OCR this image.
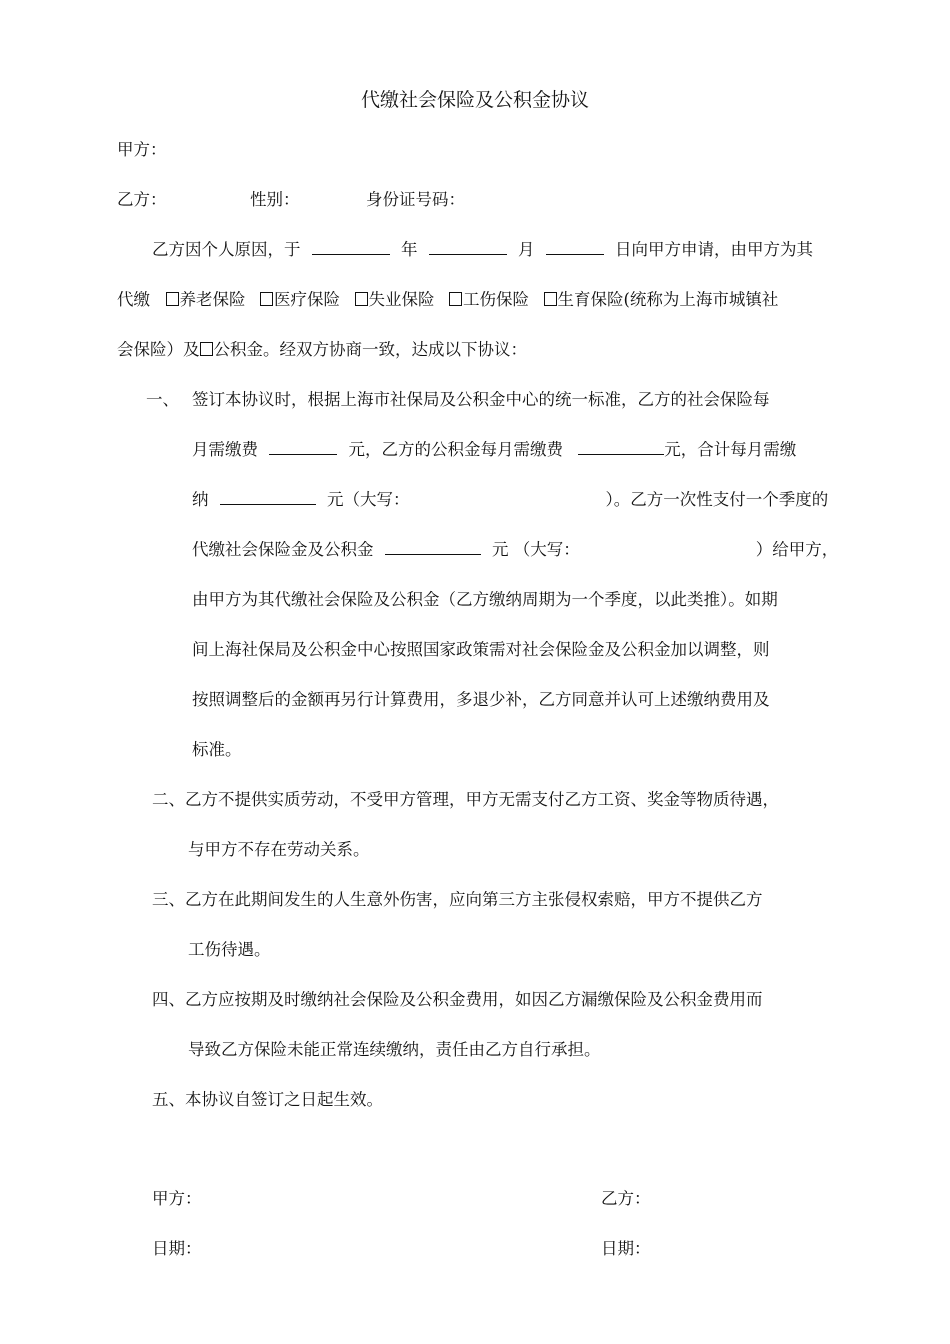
代缴社会保险及公积金协议
甲方：
乙方：	性别：	身份证号码：
乙方因个人原因，于	年	月	日向甲方申请，由甲方为其
代缴 养老保险 医疗保险 失业保险 工伤保险 生育保险(统称为上海市城镇社
会保险）及 公积金。经双方协商一致，达成以下协议：
一、 签订本协议时，根据上海市社保局及公积金中心的统一标准，乙方的社会保险每
月需缴费	元，乙方的公积金每月需缴费	元，合计每月需缴
纳	元（大写：	）。乙方一次性支付一个季度的
代缴社会保险金及公积金	元 （大写：	）给甲方，
由甲方为其代缴社会保险及公积金（乙方缴纳周期为一个季度，以此类推）。如期
间上海社保局及公积金中心按照国家政策需对社会保险金及公积金加以调整，则
按照调整后的金额再另行计算费用，多退少补，乙方同意并认可上述缴纳费用及
标准。
二、乙方不提供实质劳动，不受甲方管理，甲方无需支付乙方工资、奖金等物质待遇，
与甲方不存在劳动关系。
三、乙方在此期间发生的人生意外伤害，应向第三方主张侵权索赔，甲方不提供乙方
工伤待遇。
四、乙方应按期及时缴纳社会保险及公积金费用，如因乙方漏缴保险及公积金费用而
导致乙方保险未能正常连续缴纳，责任由乙方自行承担。
五、本协议自签订之日起生效。
甲方：	乙方：
日期：	日期：
